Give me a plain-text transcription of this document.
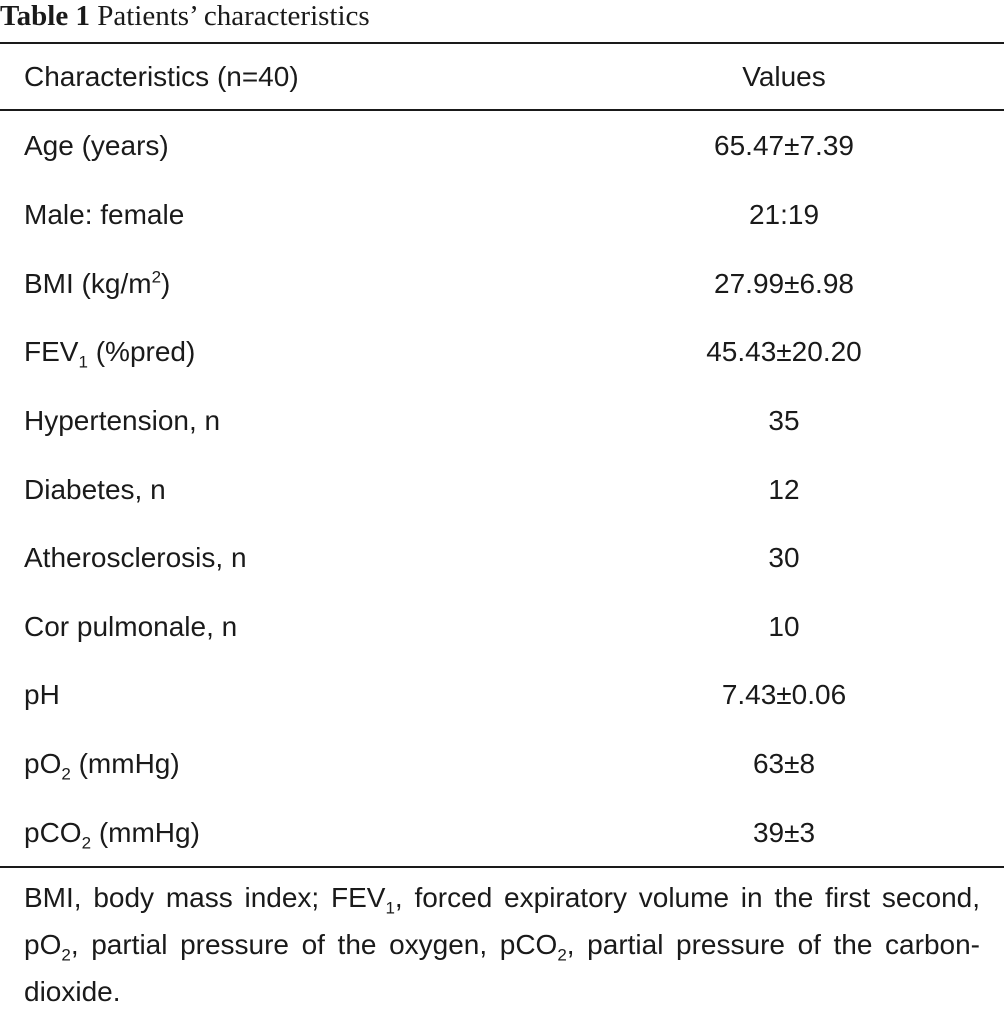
Table 1 Patients’ characteristics
Characteristics (n=40)	Values
Age (years)	65.47±7.39
Male: female	21:19
BMI $(kg/m^2)$	27.99±6.98
$FEV_1$ (%pred)	45.43±20.20
Hypertension, n	35
Diabetes, n	12
Atherosclerosis, n	30
Cor pulmonale, n	10
pH	7.43±0.06
$pO_2$ (mmHg)	63±8
pCO$_2$ (mmHg)	39±3
BMI, body mass index; $FEV_1$, forced expiratory volume in the first second, $pO_2$, partial pressure of the oxygen, pCO$_2$, partial pressure of the carbon-dioxide.
